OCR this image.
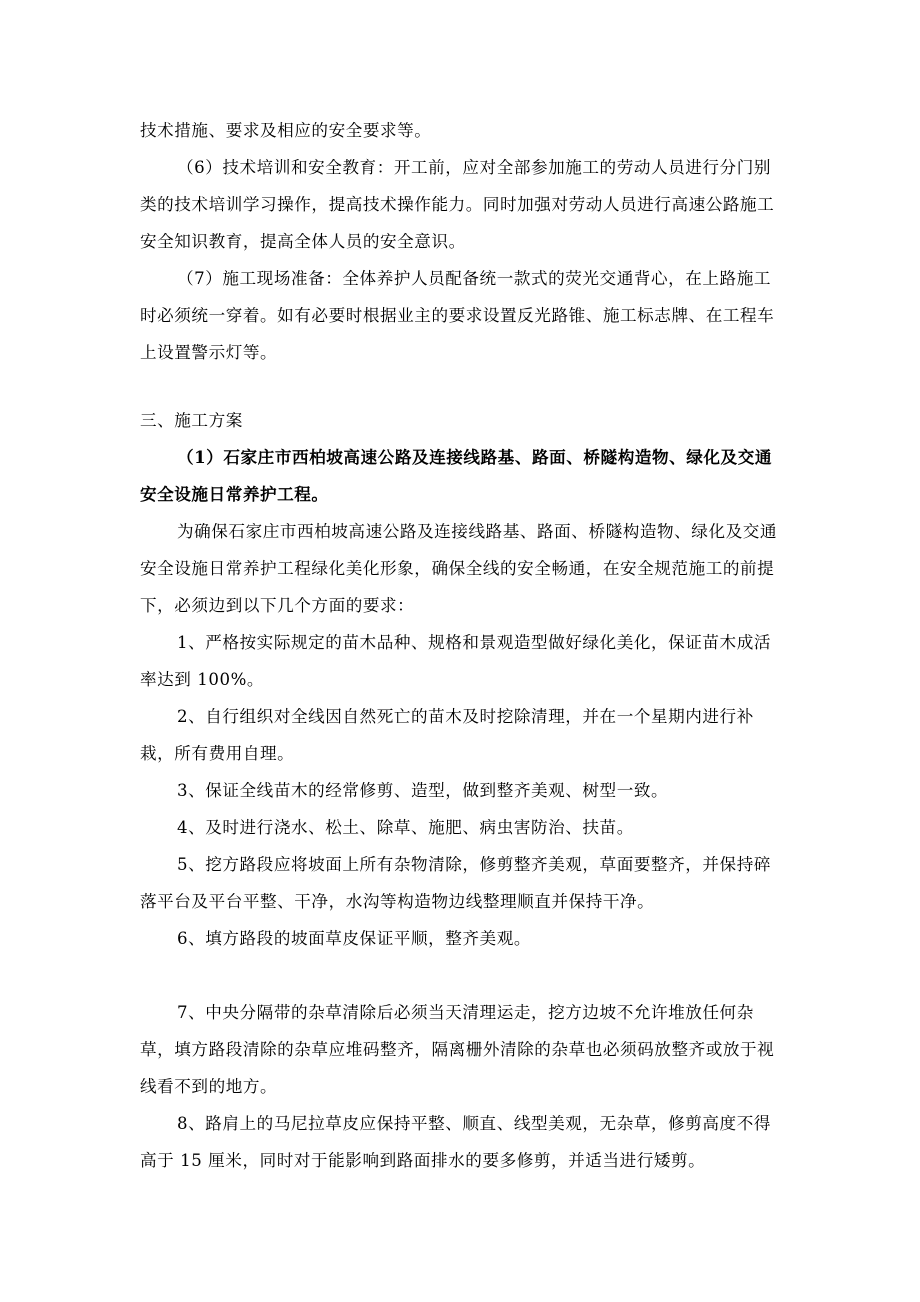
技术措施、要求及相应的安全要求等。

（6）技术培训和安全教育：开工前，应对全部参加施工的劳动人员进行分门别类的技术培训学习操作，提高技术操作能力。同时加强对劳动人员进行高速公路施工安全知识教育，提高全体人员的安全意识。

（7）施工现场准备：全体养护人员配备统一款式的荧光交通背心，在上路施工时必须统一穿着。如有必要时根据业主的要求设置反光路锥、施工标志牌、在工程车上设置警示灯等。

三、施工方案

（1）石家庄市西柏坡高速公路及连接线路基、路面、桥隧构造物、绿化及交通安全设施日常养护工程。

为确保石家庄市西柏坡高速公路及连接线路基、路面、桥隧构造物、绿化及交通安全设施日常养护工程绿化美化形象，确保全线的安全畅通，在安全规范施工的前提下，必须边到以下几个方面的要求：

1、严格按实际规定的苗木品种、规格和景观造型做好绿化美化，保证苗木成活率达到 100%。

2、自行组织对全线因自然死亡的苗木及时挖除清理，并在一个星期内进行补栽，所有费用自理。

3、保证全线苗木的经常修剪、造型，做到整齐美观、树型一致。

4、及时进行浇水、松土、除草、施肥、病虫害防治、扶苗。

5、挖方路段应将坡面上所有杂物清除，修剪整齐美观，草面要整齐，并保持碎落平台及平台平整、干净，水沟等构造物边线整理顺直并保持干净。

6、填方路段的坡面草皮保证平顺，整齐美观。

7、中央分隔带的杂草清除后必须当天清理运走，挖方边坡不允许堆放任何杂草，填方路段清除的杂草应堆码整齐，隔离栅外清除的杂草也必须码放整齐或放于视线看不到的地方。

8、路肩上的马尼拉草皮应保持平整、顺直、线型美观，无杂草，修剪高度不得高于 15 厘米，同时对于能影响到路面排水的要多修剪，并适当进行矮剪。
